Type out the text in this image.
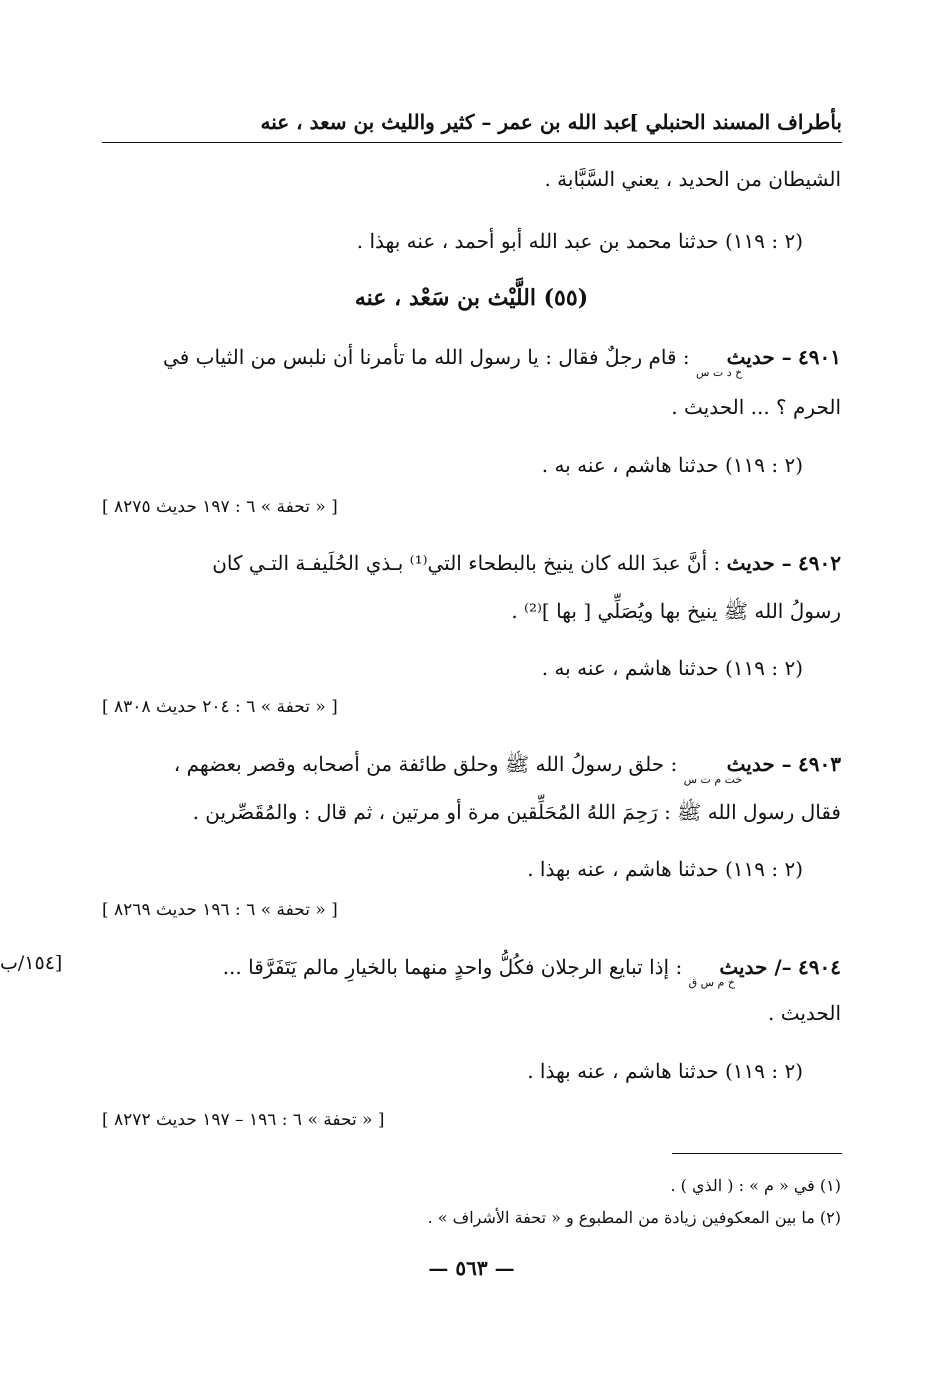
بأطراف المسند الحنبلي ]
عبد الله بن عمر – كثير والليث بن سعد ، عنه
الشيطان من الحديد ، يعني السَّبَّابة .
(٢ : ١١٩) حدثنا محمد بن عبد الله أبو أحمد ، عنه بهذا .
(٥٥) اللَّيْث بن سَعْد ، عنه
٤٩٠١ – حديث $_{خ د ت س}$ : قام رجلٌ فقال : يا رسول الله ما تأمرنا أن نلبس من الثياب في
الحرم ؟ ... الحديث .
(٢ : ١١٩) حدثنا هاشم ، عنه به .
[ « تحفة » ٦ : ١٩٧ حديث ٨٢٧٥ ]
٤٩٠٢ – حديث : أنَّ عبدَ الله كان ينيخ بالبطحاء التي⁽¹⁾ بـذي الحُلَيفـة التـي كان
رسولُ الله ﷺ ينيخ بها ويُصَلِّي [ بها ]⁽²⁾ .
(٢ : ١١٩) حدثنا هاشم ، عنه به .
[ « تحفة » ٦ : ٢٠٤ حديث ٨٣٠٨ ]
٤٩٠٣ – حديث $_{خت م ت س}$ : حلق رسولُ الله ﷺ وحلق طائفة من أصحابه وقصر بعضهم ،
فقال رسول الله ﷺ : رَحِمَ اللهُ المُحَلِّقين مرة أو مرتين ، ثم قال : والمُقَصِّرين .
(٢ : ١١٩) حدثنا هاشم ، عنه بهذا .
[ « تحفة » ٦ : ١٩٦ حديث ٨٢٦٩ ]
٤٩٠٤ –/ حديث $_{خ م س ق}$ : إذا تبايع الرجلان فكُلُّ واحدٍ منهما بالخيارِ مالم يَتَفَرَّقا ...
[١٥٤/ب
الحديث .
(٢ : ١١٩) حدثنا هاشم ، عنه بهذا .
[ « تحفة » ٦ : ١٩٦ – ١٩٧ حديث ٨٢٧٢ ]
(١) في « م » : ( الذي ) .
(٢) ما بين المعكوفين زيادة من المطبوع و « تحفة الأشراف » .
— ٥٦٣ —
